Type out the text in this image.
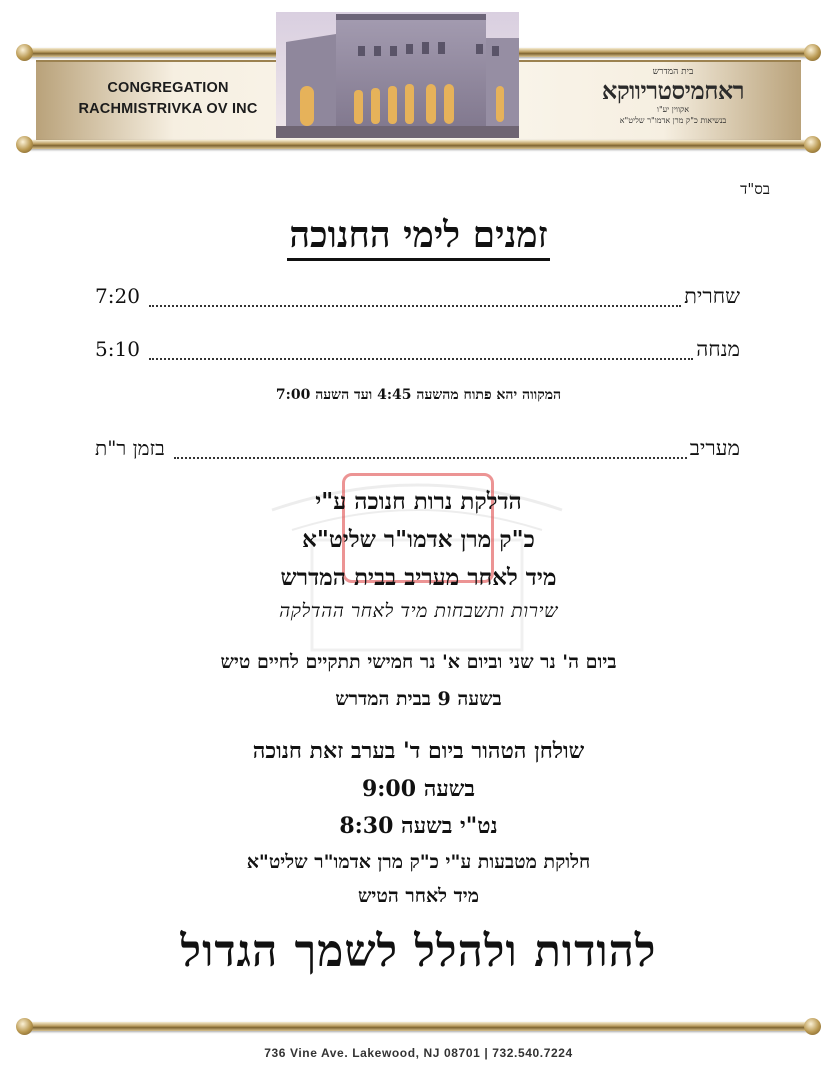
CONGREGATION
RACHMISTRIVKA OV INC
בית המדרש
ראחמיסטריווקא
אקווין יע"ו
בנשיאות כ"ק מרן אדמו"ר שליט"א
בס"ד
זמנים לימי החנוכה
7:20	שחרית
5:10	מנחה
המקווה יהא פתוח מהשעה 4:45 ועד השעה 7:00
בזמן ר"ת	מעריב
הדלקת נרות חנוכה ע"י
כ"ק מרן אדמו"ר שליט"א
מיד לאחר מעריב בבית המדרש
שירות ותשבחות מיד לאחר ההדלקה
ביום ה' נר שני וביום א' נר חמישי תתקיים לחיים טיש
בשעה 9 בבית המדרש
שולחן הטהור ביום ד' בערב זאת חנוכה
בשעה 9:00
נט"י בשעה 8:30
חלוקת מטבעות ע"י כ"ק מרן אדמו"ר שליט"א
מיד לאחר הטיש
להודות ולהלל לשמך הגדול
736 Vine Ave. Lakewood, NJ 08701 | 732.540.7224
